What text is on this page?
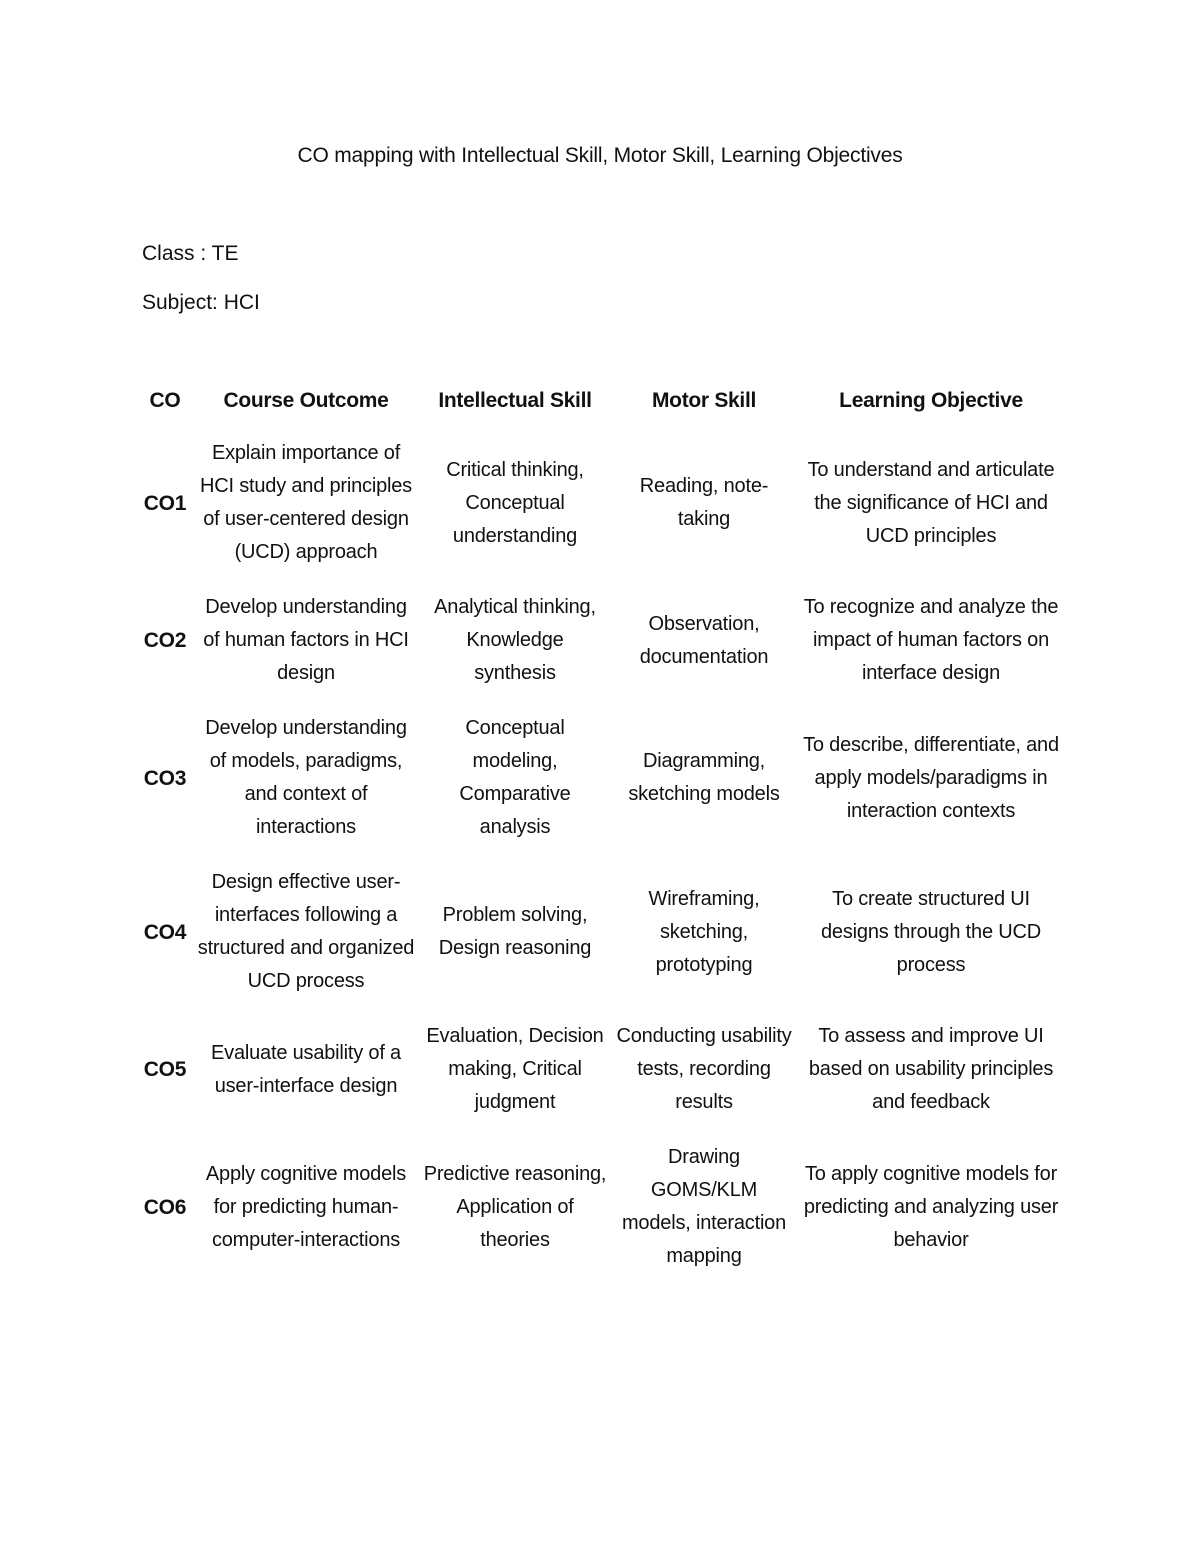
CO mapping with Intellectual Skill, Motor Skill, Learning Objectives
Class : TE
Subject: HCI
CO	Course Outcome	Intellectual Skill	Motor Skill	Learning Objective
CO1	Explain importance of HCI study and principles of user-centered design (UCD) approach	Critical thinking, Conceptual understanding	Reading, note-taking	To understand and articulate the significance of HCI and UCD principles
CO2	Develop understanding of human factors in HCI design	Analytical thinking, Knowledge synthesis	Observation, documentation	To recognize and analyze the impact of human factors on interface design
CO3	Develop understanding of models, paradigms, and context of interactions	Conceptual modeling, Comparative analysis	Diagramming, sketching models	To describe, differentiate, and apply models/paradigms in interaction contexts
CO4	Design effective user-interfaces following a structured and organized UCD process	Problem solving, Design reasoning	Wireframing, sketching, prototyping	To create structured UI designs through the UCD process
CO5	Evaluate usability of a user-interface design	Evaluation, Decision making, Critical judgment	Conducting usability tests, recording results	To assess and improve UI based on usability principles and feedback
CO6	Apply cognitive models for predicting human-computer-interactions	Predictive reasoning, Application of theories	Drawing GOMS/KLM models, interaction mapping	To apply cognitive models for predicting and analyzing user behavior
